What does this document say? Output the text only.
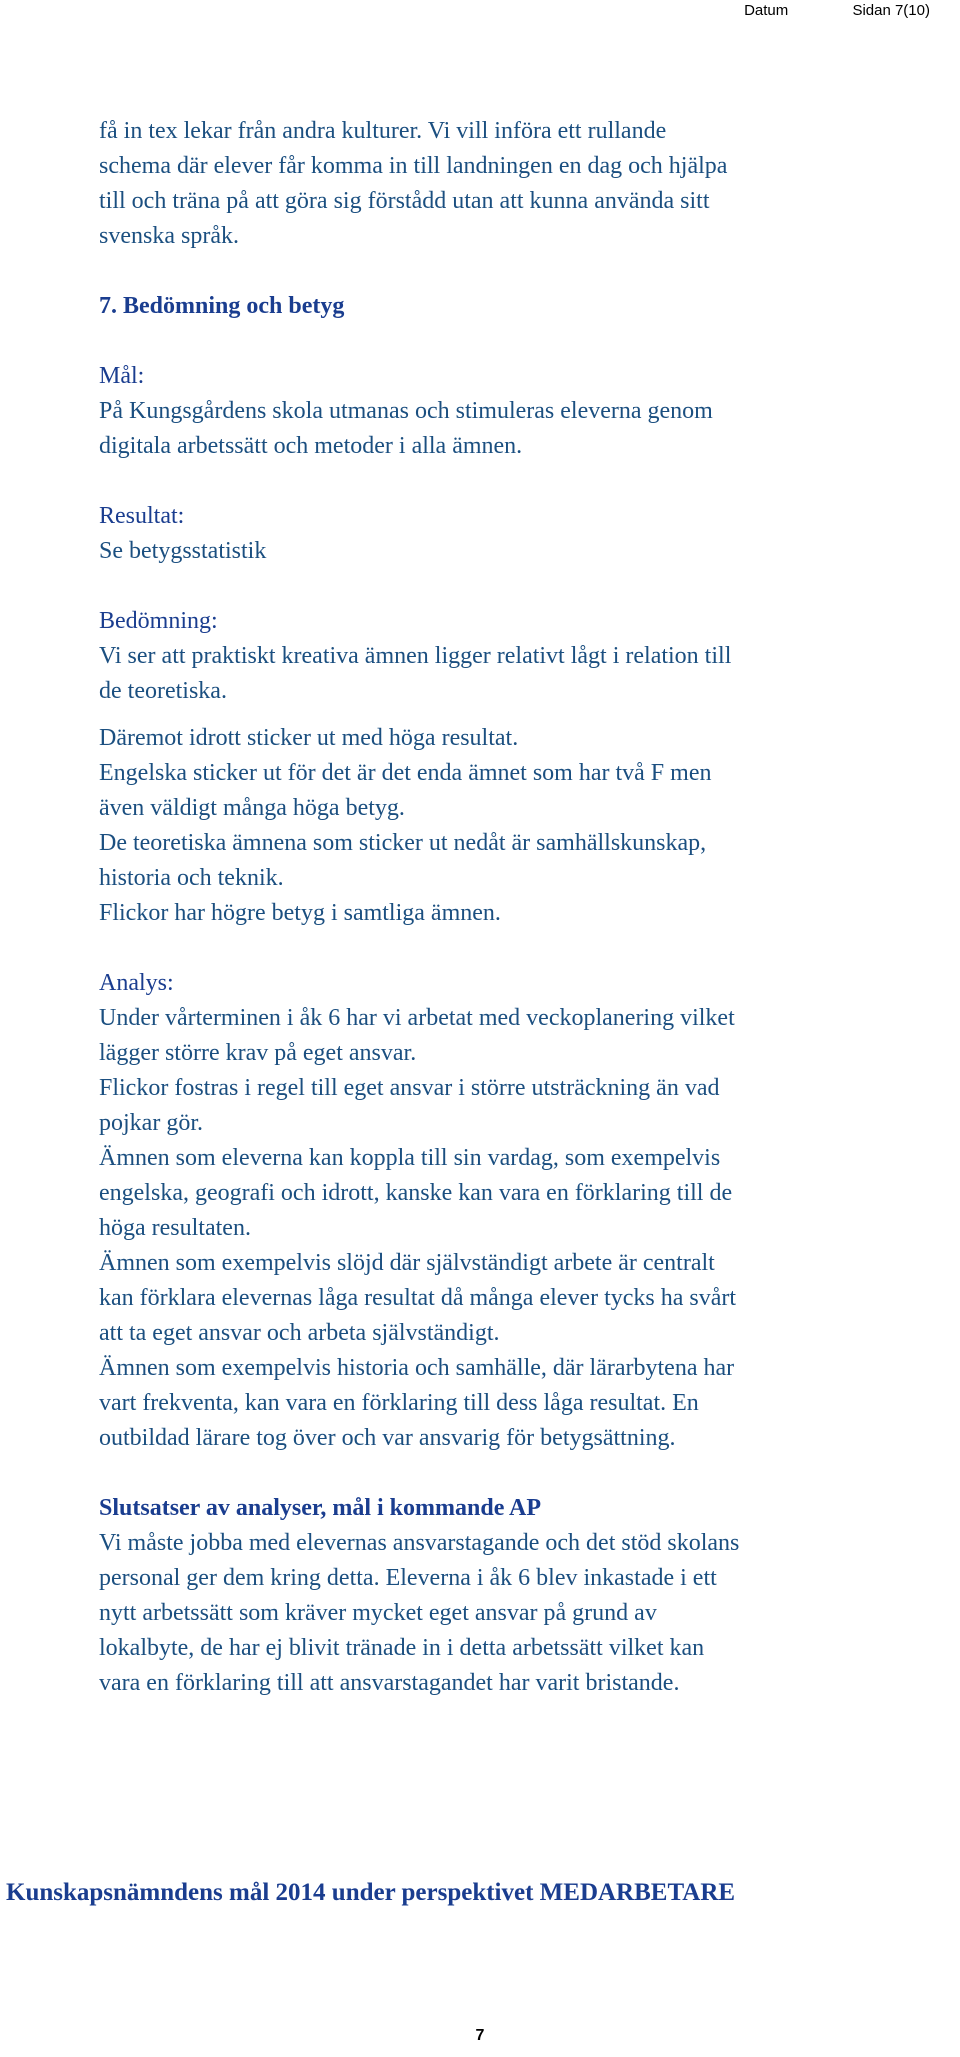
Datum	Sidan 7(10)

få in tex lekar från andra kulturer. Vi vill införa ett rullande

schema där elever får komma in till landningen en dag och hjälpa

till och träna på att göra sig förstådd utan att kunna använda sitt

svenska språk.

7. Bedömning och betyg

Mål:

På Kungsgårdens skola utmanas och stimuleras eleverna genom

digitala arbetssätt och metoder i alla ämnen.

Resultat:

Se betygsstatistik

Bedömning:

Vi ser att praktiskt kreativa ämnen ligger relativt lågt i relation till

de teoretiska.

Däremot idrott sticker ut med höga resultat.

Engelska sticker ut för det är det enda ämnet som har två F men

även väldigt många höga betyg.

De teoretiska ämnena som sticker ut nedåt är samhällskunskap,

historia och teknik.

Flickor har högre betyg i samtliga ämnen.

Analys:

Under vårterminen i åk 6 har vi arbetat med veckoplanering vilket

lägger större krav på eget ansvar.

Flickor fostras i regel till eget ansvar i större utsträckning än vad

pojkar gör.

Ämnen som eleverna kan koppla till sin vardag, som exempelvis

engelska, geografi och idrott, kanske kan vara en förklaring till de

höga resultaten.

Ämnen som exempelvis slöjd där självständigt arbete är centralt

kan förklara elevernas låga resultat då många elever tycks ha svårt

att ta eget ansvar och arbeta självständigt.

Ämnen som exempelvis historia och samhälle, där lärarbytena har

vart frekventa, kan vara en förklaring till dess låga resultat. En

outbildad lärare tog över och var ansvarig för betygsättning.

Slutsatser av analyser, mål i kommande AP

Vi måste jobba med elevernas ansvarstagande och det stöd skolans

personal ger dem kring detta. Eleverna i åk 6 blev inkastade i ett

nytt arbetssätt som kräver mycket eget ansvar på grund av

lokalbyte, de har ej blivit tränade in i detta arbetssätt vilket kan

vara en förklaring till att ansvarstagandet har varit bristande.

Kunskapsnämndens mål 2014 under perspektivet MEDARBETARE

7
